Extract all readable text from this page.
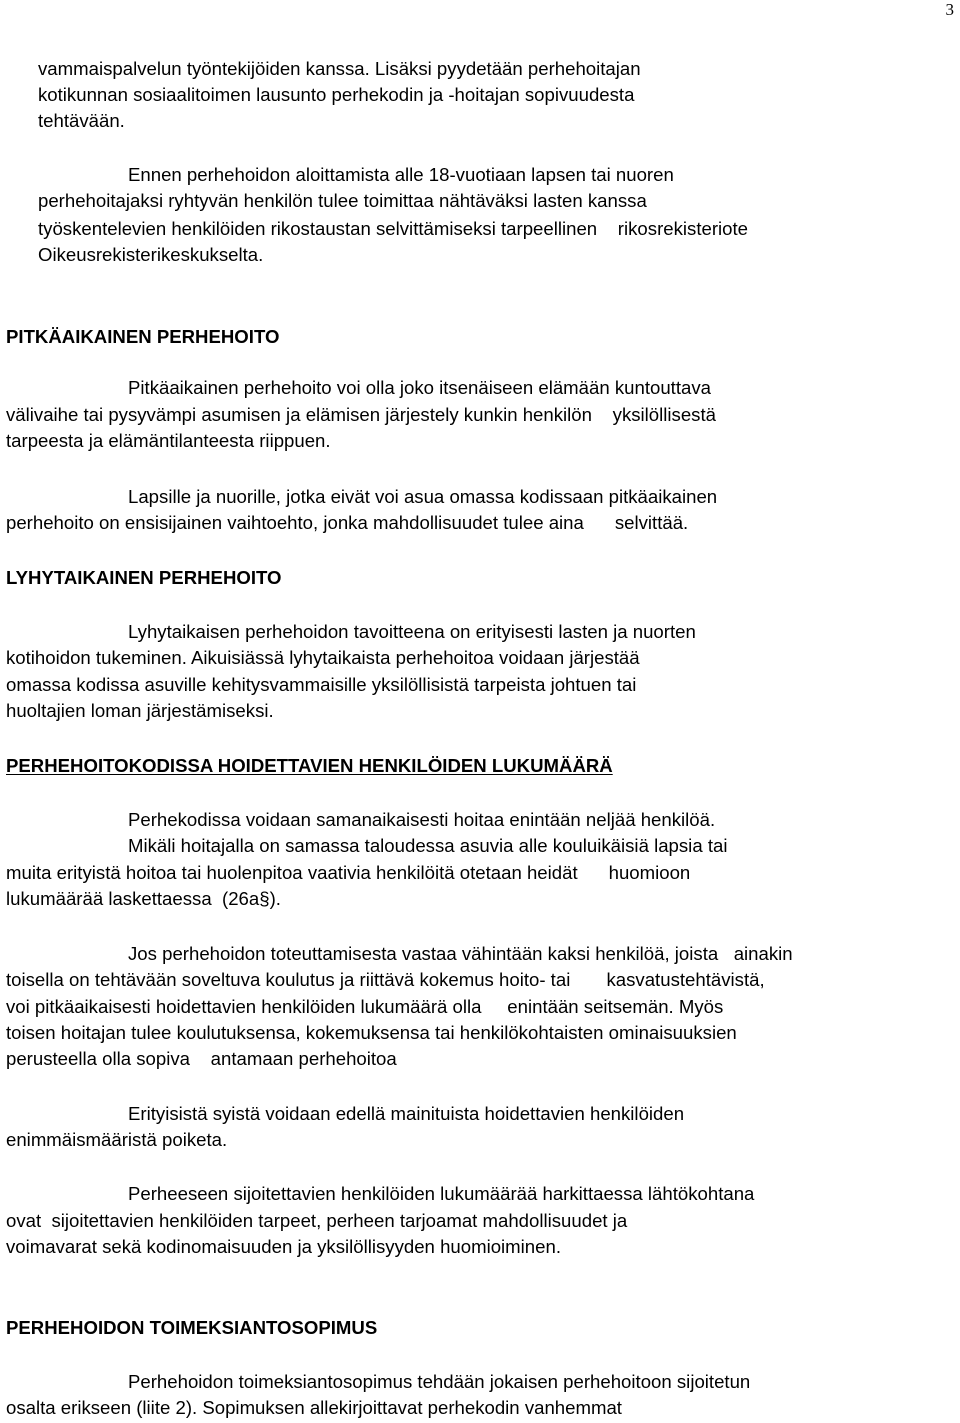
3
vammaispalvelun työntekijöiden kanssa. Lisäksi pyydetään perhehoitajan
kotikunnan sosiaalitoimen lausunto perhekodin ja -hoitajan sopivuudesta
tehtävään.
Ennen perhehoidon aloittamista alle 18-vuotiaan lapsen tai nuoren
perhehoitajaksi ryhtyvän henkilön tulee toimittaa nähtäväksi lasten kanssa
työskentelevien henkilöiden rikostaustan selvittämiseksi tarpeellinen    rikosrekisteriote
Oikeusrekisterikeskukselta.
PITKÄAIKAINEN PERHEHOITO
Pitkäaikainen perhehoito voi olla joko itsenäiseen elämään kuntouttava
välivaihe tai pysyvämpi asumisen ja elämisen järjestely kunkin henkilön    yksilöllisestä
tarpeesta ja elämäntilanteesta riippuen.
Lapsille ja nuorille, jotka eivät voi asua omassa kodissaan pitkäaikainen
perhehoito on ensisijainen vaihtoehto, jonka mahdollisuudet tulee aina      selvittää.
LYHYTAIKAINEN PERHEHOITO
Lyhytaikaisen perhehoidon tavoitteena on erityisesti lasten ja nuorten
kotihoidon tukeminen. Aikuisiässä lyhytaikaista perhehoitoa voidaan järjestää
omassa kodissa asuville kehitysvammaisille yksilöllisistä tarpeista johtuen tai
huoltajien loman järjestämiseksi.
PERHEHOITOKODISSA HOIDETTAVIEN HENKILÖIDEN LUKUMÄÄRÄ
Perhekodissa voidaan samanaikaisesti hoitaa enintään neljää henkilöä.
Mikäli hoitajalla on samassa taloudessa asuvia alle kouluikäisiä lapsia tai
muita erityistä hoitoa tai huolenpitoa vaativia henkilöitä otetaan heidät      huomioon
lukumäärää laskettaessa  (26a§).
Jos perhehoidon toteuttamisesta vastaa vähintään kaksi henkilöä, joista   ainakin
toisella on tehtävään soveltuva koulutus ja riittävä kokemus hoito- tai       kasvatustehtävistä,
voi pitkäaikaisesti hoidettavien henkilöiden lukumäärä olla     enintään seitsemän. Myös
toisen hoitajan tulee koulutuksensa, kokemuksensa tai henkilökohtaisten ominaisuuksien
perusteella olla sopiva    antamaan perhehoitoa
Erityisistä syistä voidaan edellä mainituista hoidettavien henkilöiden
enimmäismääristä poiketa.
Perheeseen sijoitettavien henkilöiden lukumäärää harkittaessa lähtökohtana
ovat  sijoitettavien henkilöiden tarpeet, perheen tarjoamat mahdollisuudet ja
voimavarat sekä kodinomaisuuden ja yksilöllisyyden huomioiminen.
PERHEHOIDON TOIMEKSIANTOSOPIMUS
Perhehoidon toimeksiantosopimus tehdään jokaisen perhehoitoon sijoitetun
osalta erikseen (liite 2). Sopimuksen allekirjoittavat perhekodin vanhemmat
